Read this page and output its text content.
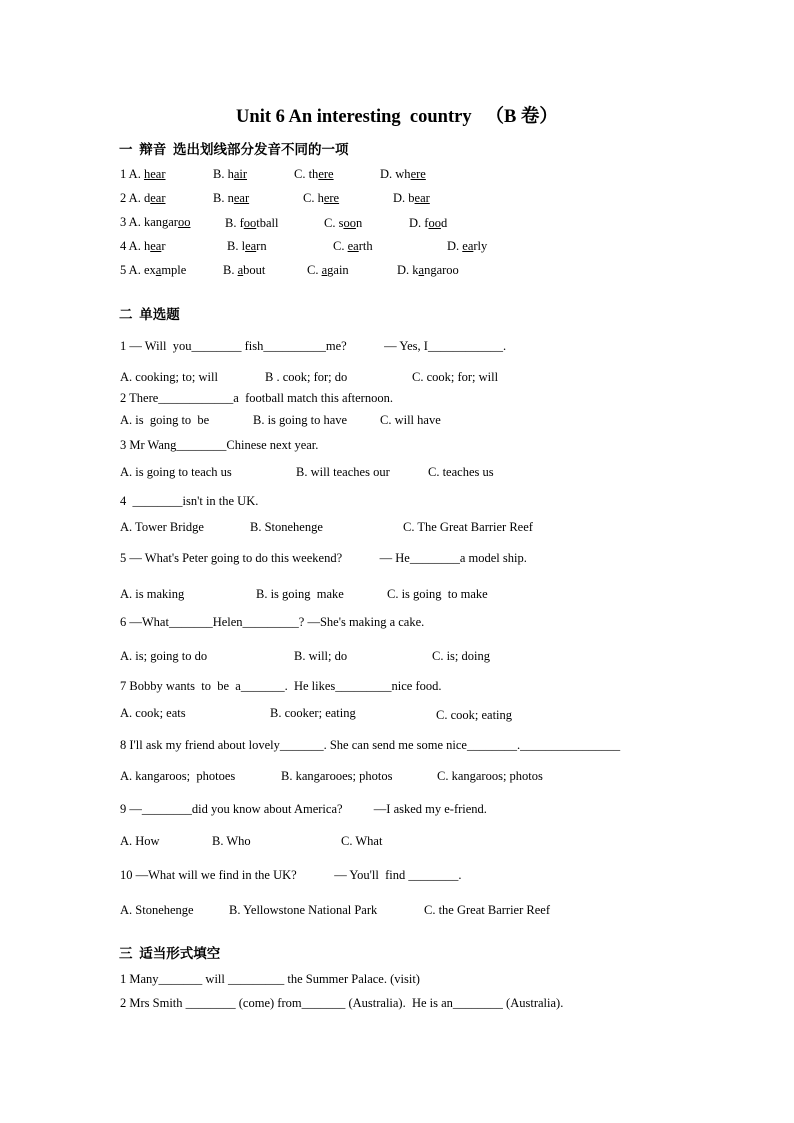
Unit 6 An interesting  country   （B 卷）
一  辩音  选出划线部分发音不同的一项
1 A. hear	B. hair	C. there	D. where
2 A. dear	B. near	C. here	D. bear
3 A. kangaroo	B. football	C. soon	D. food
4 A. hear	B. learn	C. earth	D. early
5 A. example	B. about	C. again	D. kangaroo
二  单选题
1 — Will  you________ fish__________me?            — Yes, I____________.
A. cooking; to; will	B . cook; for; do	C. cook; for; will
2 There____________a  football match this afternoon.
A. is  going to  be	B. is going to have	C. will have
3 Mr Wang________Chinese next year.
A. is going to teach us	B. will teaches our	C. teaches us
4  ________isn't in the UK.
A. Tower Bridge	B. Stonehenge	C. The Great Barrier Reef
5 — What's Peter going to do this weekend?            — He________a model ship.
A. is making	B. is going  make	C. is going  to make
6 —What_______Helen_________? —She's making a cake.
A. is; going to do	B. will; do	C. is; doing
7 Bobby wants  to  be  a_______.  He likes_________nice food.
A. cook; eats	B. cooker; eating	C. cook; eating
8 I'll ask my friend about lovely_______. She can send me some nice________.________________
A. kangaroos;  photoes	B. kangarooes; photos	C. kangaroos; photos
9 —________did you know about America?          —I asked my e-friend.
A. How	B. Who	C. What
10 —What will we find in the UK?            — You'll  find ________.
A. Stonehenge	B. Yellowstone National Park	C. the Great Barrier Reef
三  适当形式填空
1 Many_______ will _________ the Summer Palace. (visit)
2 Mrs Smith ________ (come) from_______ (Australia).  He is an________ (Australia).
